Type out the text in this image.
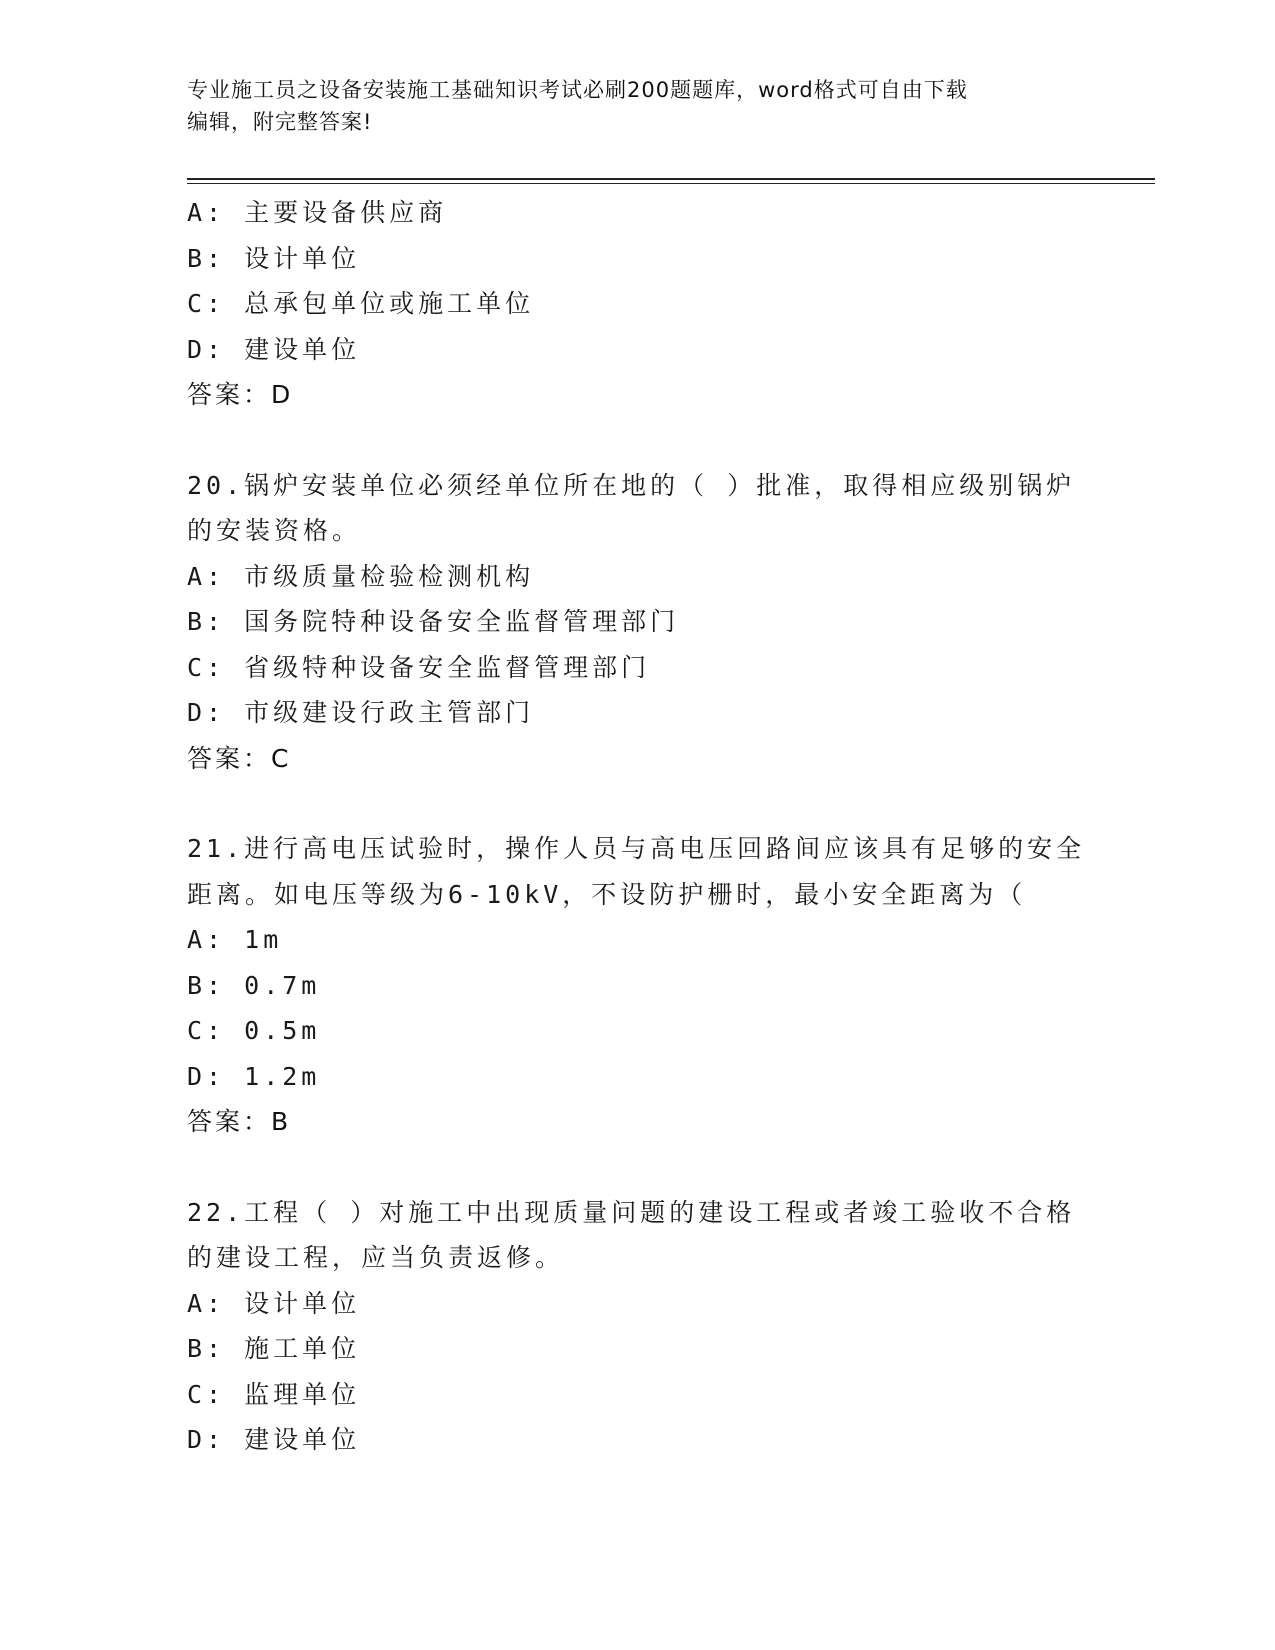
专业施工员之设备安装施工基础知识考试必刷200题题库，word格式可自由下载
编辑，附完整答案!
A: 主要设备供应商
B: 设计单位
C: 总承包单位或施工单位
D: 建设单位
答案：D
20.锅炉安装单位必须经单位所在地的（ ）批准，取得相应级别锅炉
的安装资格。
A: 市级质量检验检测机构
B: 国务院特种设备安全监督管理部门
C: 省级特种设备安全监督管理部门
D: 市级建设行政主管部门
答案：C
21.进行高电压试验时，操作人员与高电压回路间应该具有足够的安全
距离。如电压等级为6-10kV，不设防护栅时，最小安全距离为（
A: 1m
B: 0.7m
C: 0.5m
D: 1.2m
答案：B
22.工程（ ）对施工中出现质量问题的建设工程或者竣工验收不合格
的建设工程，应当负责返修。
A: 设计单位
B: 施工单位
C: 监理单位
D: 建设单位
